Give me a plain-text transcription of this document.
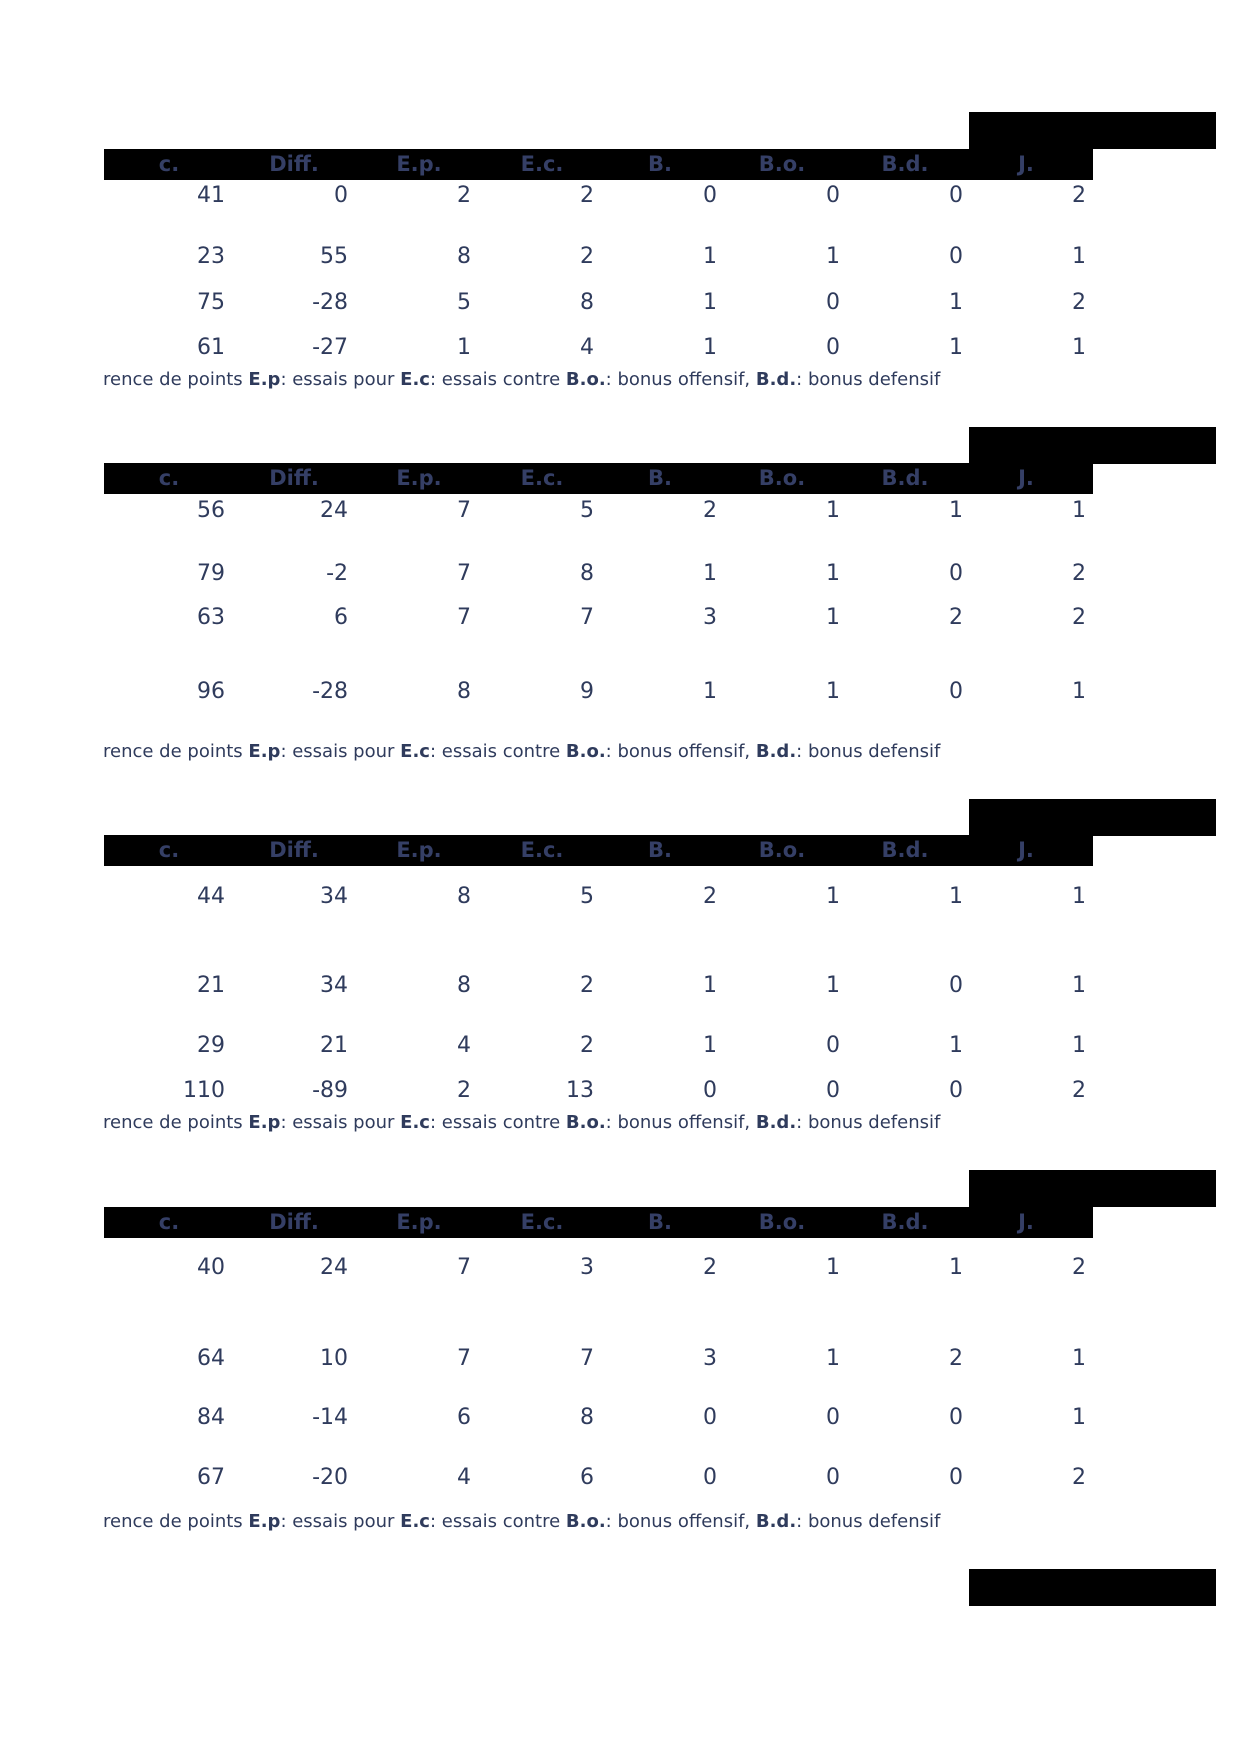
c.	Diff.	E.p.	E.c.	B.	B.o.	B.d.	J.
41	0	2	2	0	0	0	2
23	55	8	2	1	1	0	1
75	-28	5	8	1	0	1	2
61	-27	1	4	1	0	1	1
rence de points E.p: essais pour E.c: essais contre B.o.: bonus offensif, B.d.: bonus defensif
c.	Diff.	E.p.	E.c.	B.	B.o.	B.d.	J.
56	24	7	5	2	1	1	1
79	-2	7	8	1	1	0	2
63	6	7	7	3	1	2	2
96	-28	8	9	1	1	0	1
rence de points E.p: essais pour E.c: essais contre B.o.: bonus offensif, B.d.: bonus defensif
c.	Diff.	E.p.	E.c.	B.	B.o.	B.d.	J.
44	34	8	5	2	1	1	1
21	34	8	2	1	1	0	1
29	21	4	2	1	0	1	1
110	-89	2	13	0	0	0	2
rence de points E.p: essais pour E.c: essais contre B.o.: bonus offensif, B.d.: bonus defensif
c.	Diff.	E.p.	E.c.	B.	B.o.	B.d.	J.
40	24	7	3	2	1	1	2
64	10	7	7	3	1	2	1
84	-14	6	8	0	0	0	1
67	-20	4	6	0	0	0	2
rence de points E.p: essais pour E.c: essais contre B.o.: bonus offensif, B.d.: bonus defensif
